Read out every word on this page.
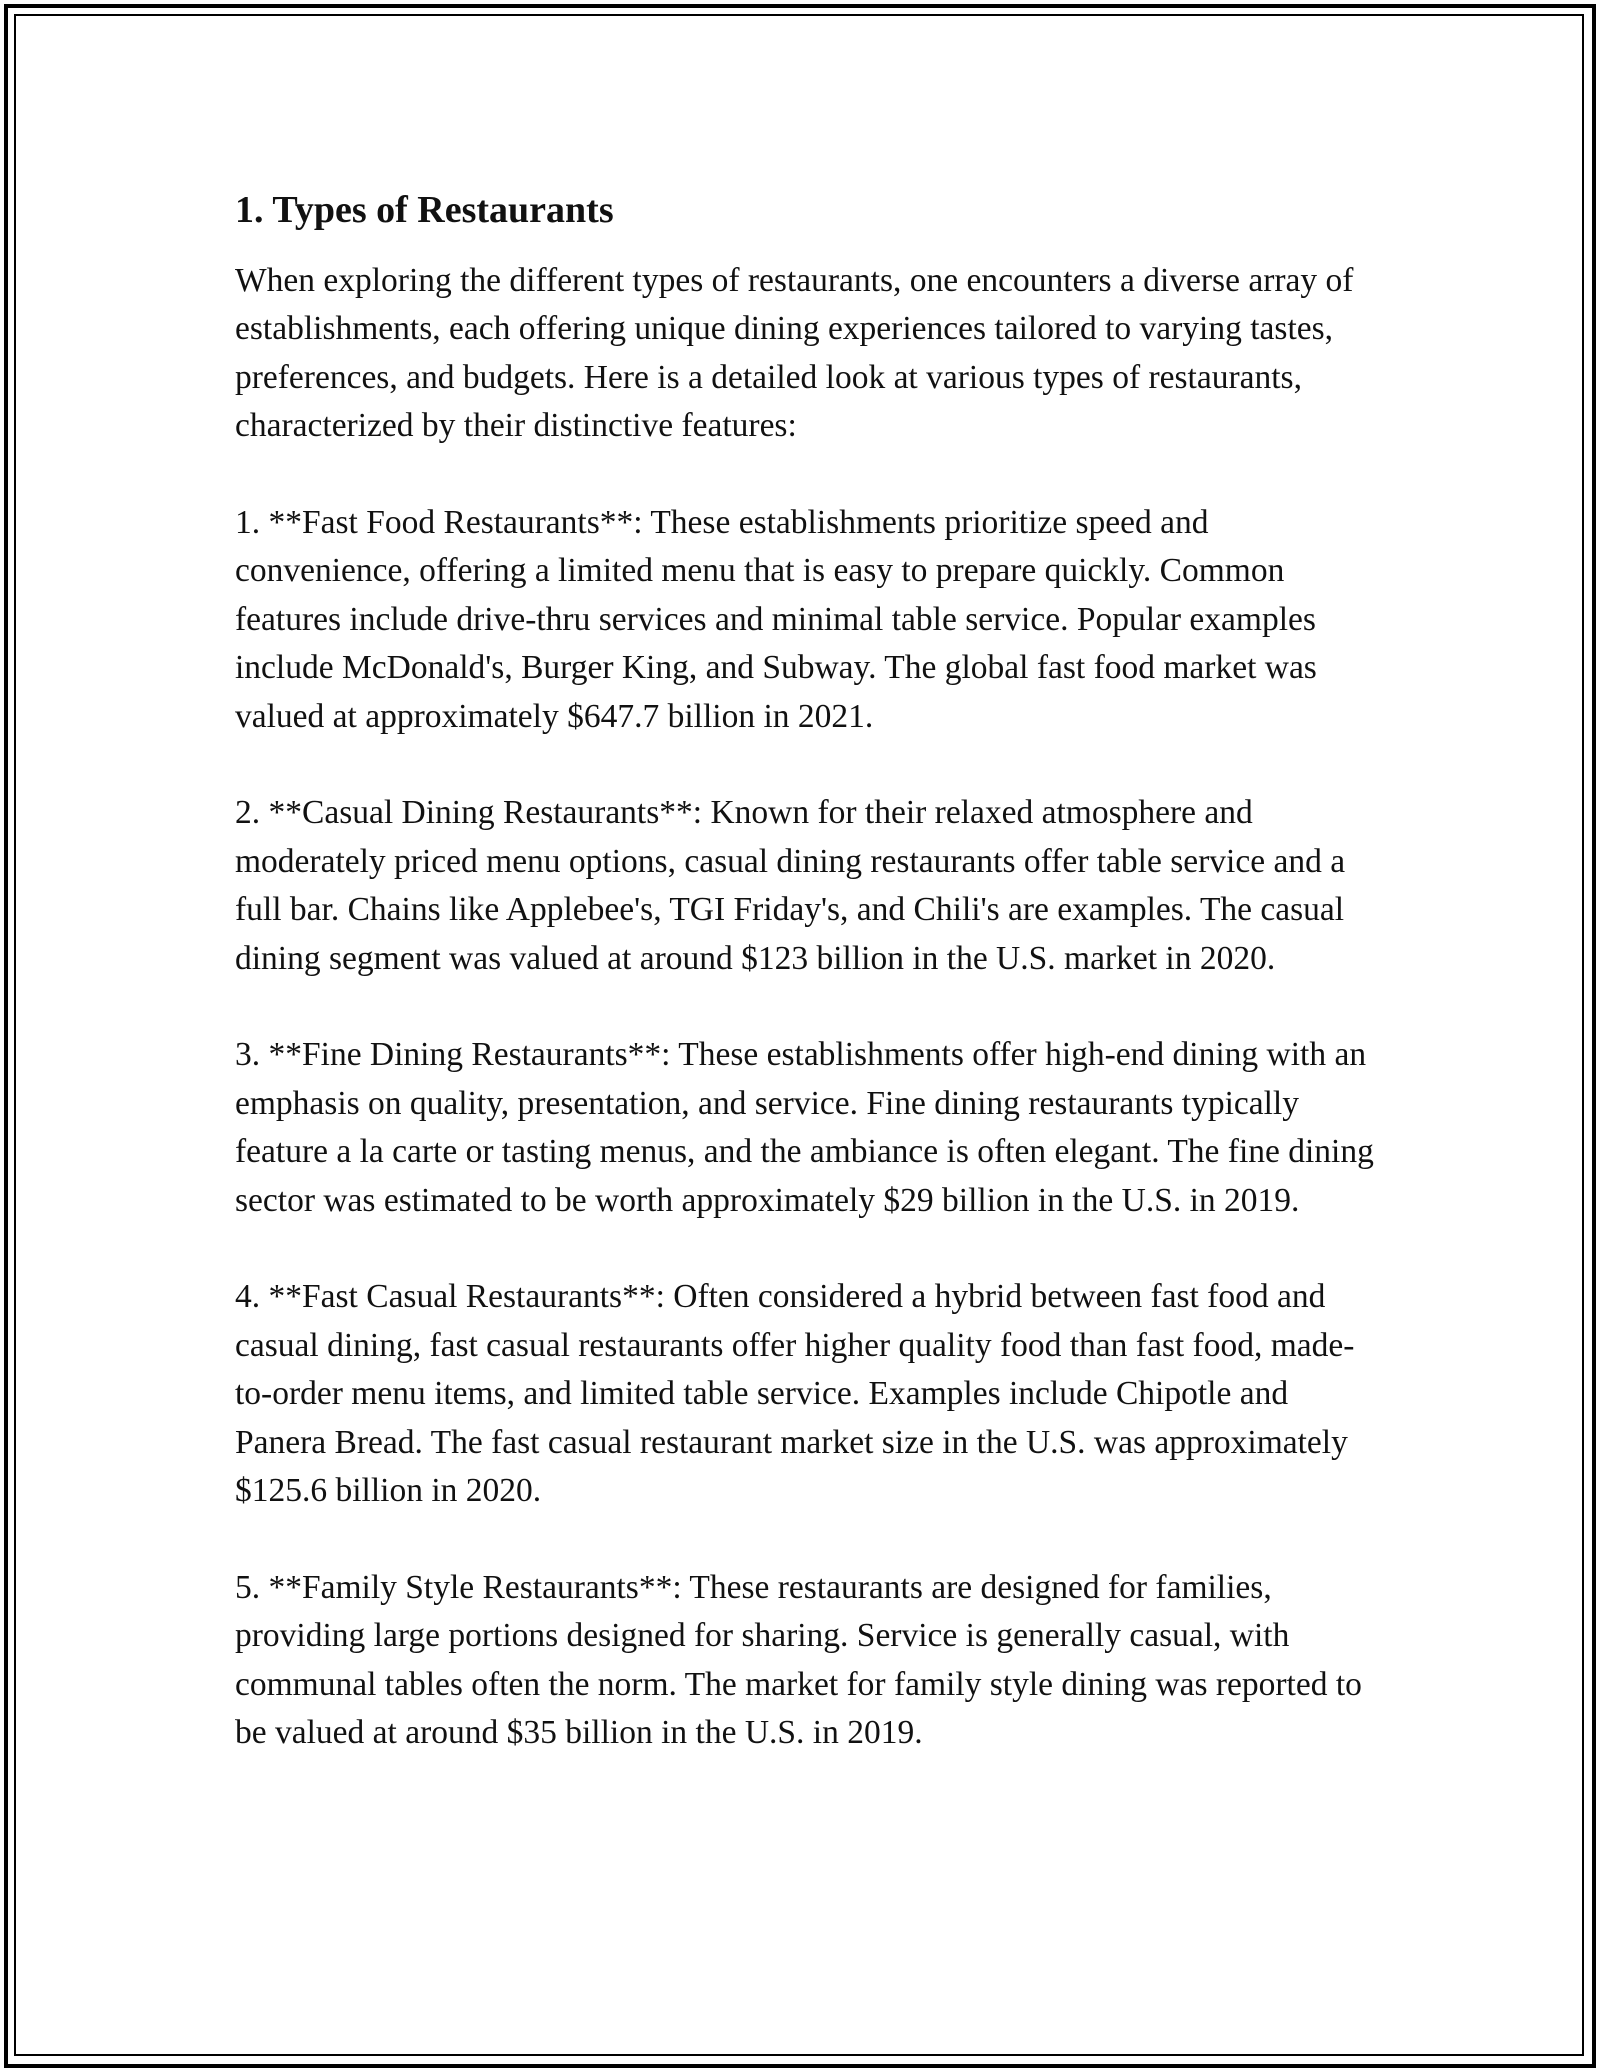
1. Types of Restaurants

When exploring the different types of restaurants, one encounters a diverse array of establishments, each offering unique dining experiences tailored to varying tastes, preferences, and budgets. Here is a detailed look at various types of restaurants, characterized by their distinctive features:

1. **Fast Food Restaurants**: These establishments prioritize speed and convenience, offering a limited menu that is easy to prepare quickly. Common features include drive-thru services and minimal table service. Popular examples include McDonald's, Burger King, and Subway. The global fast food market was valued at approximately $647.7 billion in 2021.

2. **Casual Dining Restaurants**: Known for their relaxed atmosphere and moderately priced menu options, casual dining restaurants offer table service and a full bar. Chains like Applebee's, TGI Friday's, and Chili's are examples. The casual dining segment was valued at around $123 billion in the U.S. market in 2020.

3. **Fine Dining Restaurants**: These establishments offer high-end dining with an emphasis on quality, presentation, and service. Fine dining restaurants typically feature a la carte or tasting menus, and the ambiance is often elegant. The fine dining sector was estimated to be worth approximately $29 billion in the U.S. in 2019.

4. **Fast Casual Restaurants**: Often considered a hybrid between fast food and casual dining, fast casual restaurants offer higher quality food than fast food, made-to-order menu items, and limited table service. Examples include Chipotle and Panera Bread. The fast casual restaurant market size in the U.S. was approximately $125.6 billion in 2020.

5. **Family Style Restaurants**: These restaurants are designed for families, providing large portions designed for sharing. Service is generally casual, with communal tables often the norm. The market for family style dining was reported to be valued at around $35 billion in the U.S. in 2019.
